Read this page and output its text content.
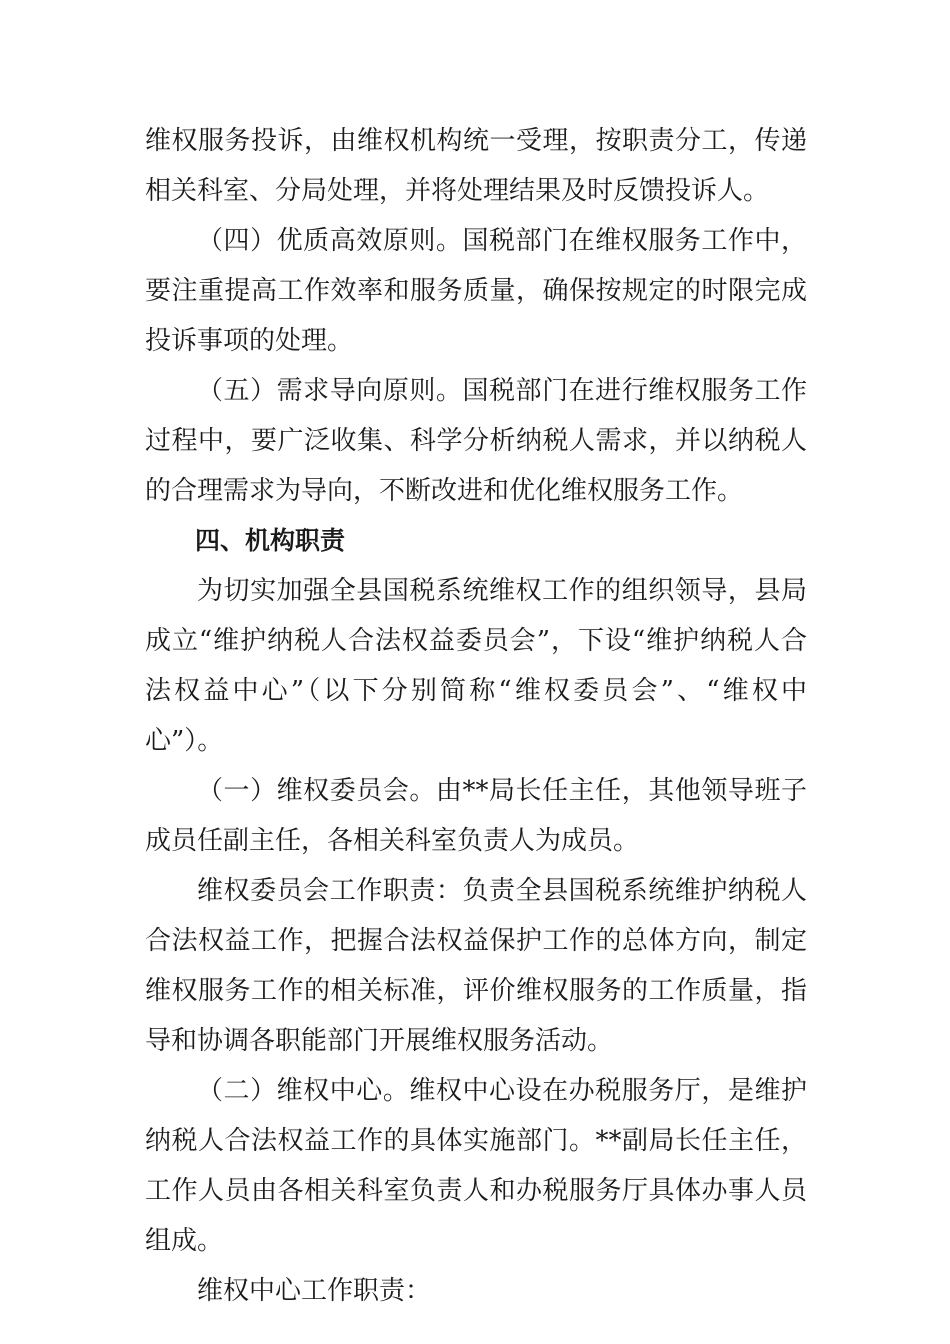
维权服务投诉，由维权机构统一受理，按职责分工，传递相关科室、分局处理，并将处理结果及时反馈投诉人。

（四）优质高效原则。国税部门在维权服务工作中，要注重提高工作效率和服务质量，确保按规定的时限完成投诉事项的处理。

（五）需求导向原则。国税部门在进行维权服务工作过程中，要广泛收集、科学分析纳税人需求，并以纳税人的合理需求为导向，不断改进和优化维权服务工作。

四、机构职责

为切实加强全县国税系统维权工作的组织领导，县局成立“维护纳税人合法权益委员会”，下设“维护纳税人合法权益中心”（以下分别简称“维权委员会”、“维权中心”）。

（一）维权委员会。由**局长任主任，其他领导班子成员任副主任，各相关科室负责人为成员。

维权委员会工作职责：负责全县国税系统维护纳税人合法权益工作，把握合法权益保护工作的总体方向，制定维权服务工作的相关标准，评价维权服务的工作质量，指导和协调各职能部门开展维权服务活动。

（二）维权中心。维权中心设在办税服务厅，是维护纳税人合法权益工作的具体实施部门。**副局长任主任，工作人员由各相关科室负责人和办税服务厅具体办事人员组成。

维权中心工作职责：
